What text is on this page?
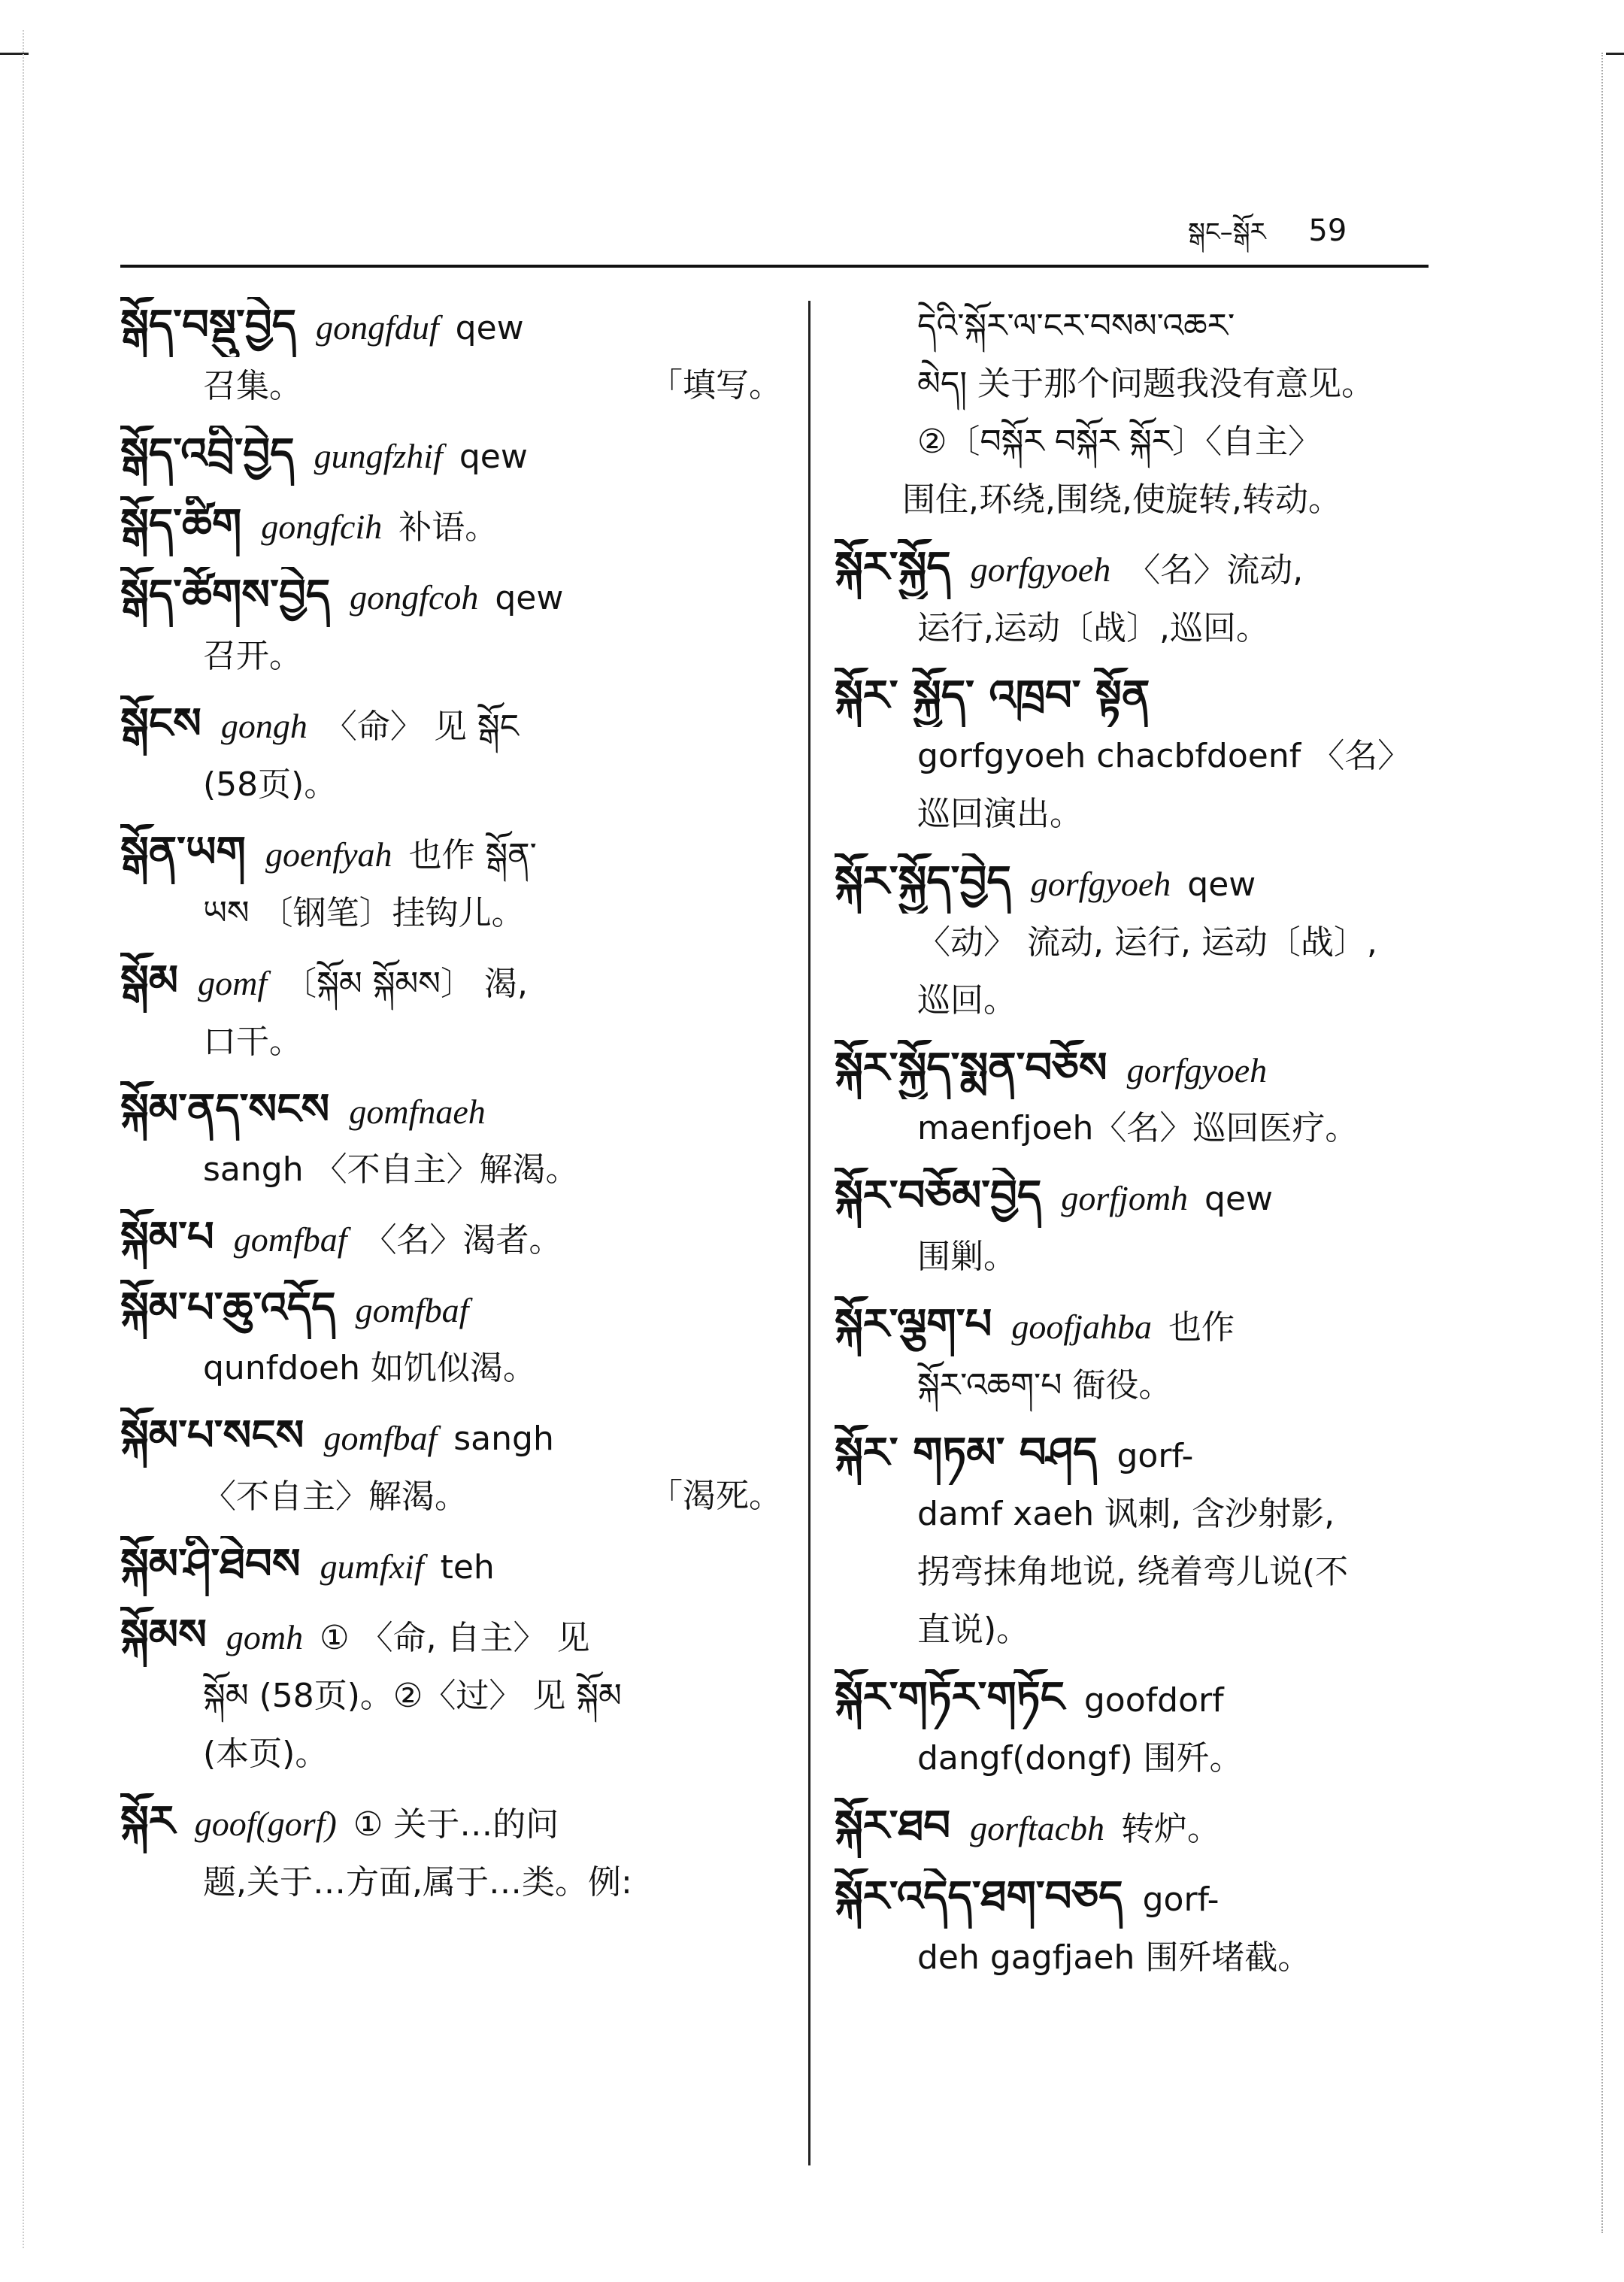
སྒང–སྒོར 59
སྒོད་བསྡུ་བྱེད gongfduf qew
召集。	「填写。
སྒོད་འབྲི་བྱེད gungfzhif qew
སྒོད་ཚིག gongfcih 补语。
སྒོད་ཚོགས་བྱེད gongfcoh qew
召开。
སྒོངས gongh 〈命〉 见 སྒོང
(58页)。
སྒོན་ཡག goenfyah 也作 སྒོན་
ཡས 〔钢笔〕挂钩儿。
སྒོམ gomf 〔སྐོམ སྐོམས〕 渴,
口干。
སྐོམ་ནད་སངས gomfnaeh
sangh 〈不自主〉解渴。
སྐོམ་པ gomfbaf 〈名〉渴者。
སྐོམ་པ་ཆུ་འདོད gomfbaf
qunfdoeh 如饥似渴。
སྐོམ་པ་སངས gomfbaf sangh
〈不自主〉解渴。	「渴死。
སྐོམ་ཤི་ཐེབས gumfxif teh
སྐོམས gomh ① 〈命, 自主〉 见
སྐོམ (58页)。②〈过〉 见 སྐོམ
(本页)。
སྐོར goof(gorf) ① 关于…的问
题,关于…方面,属于…类。例:
དེའི་སྐོར་ལ་ངར་བསམ་འཆར་
མེད། 关于那个问题我没有意见。
②〔བསྐོར བསྐོར སྐོར〕〈自主〉
围住,环绕,围绕,使旋转,转动。
སྐོར་སྐྱོད gorfgyoeh 〈名〉流动,
运行,运动〔战〕,巡回。
སྐོར་ སྐྱོད་ འཁྲབ་ སྟོན
gorfgyoeh chacbfdoenf 〈名〉
巡回演出。
སྐོར་སྐྱོད་བྱེད gorfgyoeh qew
〈动〉 流动, 运行, 运动〔战〕,
巡回。
སྐོར་སྐྱོད་སྨན་བཅོས gorfgyoeh
maenfjoeh〈名〉巡回医疗。
སྐོར་བཅོམ་བྱེད gorfjomh qew
围剿。
སྐོར་ལྕག་པ goofjahba 也作
སྐོར་འཆག་པ 衙役。
སྐོར་ གཏམ་ བཤད gorf-
damf xaeh 讽刺, 含沙射影,
拐弯抹角地说, 绕着弯儿说(不
直说)。
སྐོར་གཏོར་གཏོང goofdorf
dangf(dongf) 围歼。
སྐོར་ཐབ gorftacbh 转炉。
སྐོར་འདེད་ཐག་བཅད gorf-
deh gagfjaeh 围歼堵截。
